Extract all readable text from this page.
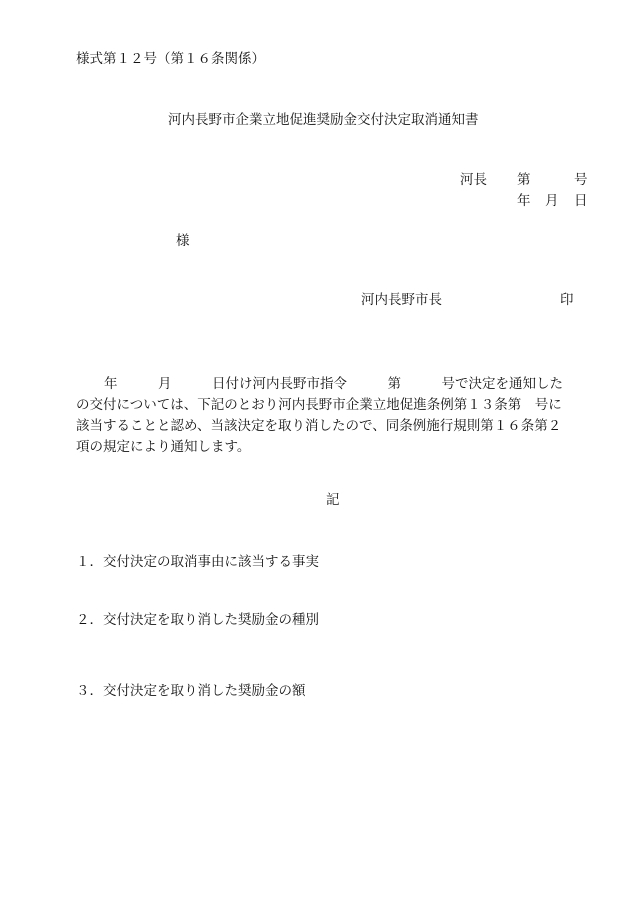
様式第１２号（第１６条関係）
河内長野市企業立地促進奨励金交付決定取消通知書
河長 第	号
年 月 日
様
河内長野市長	印
年　　　月　　　日付け河内長野市指令　　　第　　　号で決定を通知した
の交付については、下記のとおり河内長野市企業立地促進条例第１３条第　号に
該当することと認め、当該決定を取り消したので、同条例施行規則第１６条第２
項の規定により通知します。
記
１．交付決定の取消事由に該当する事実
２．交付決定を取り消した奨励金の種別
３．交付決定を取り消した奨励金の額
